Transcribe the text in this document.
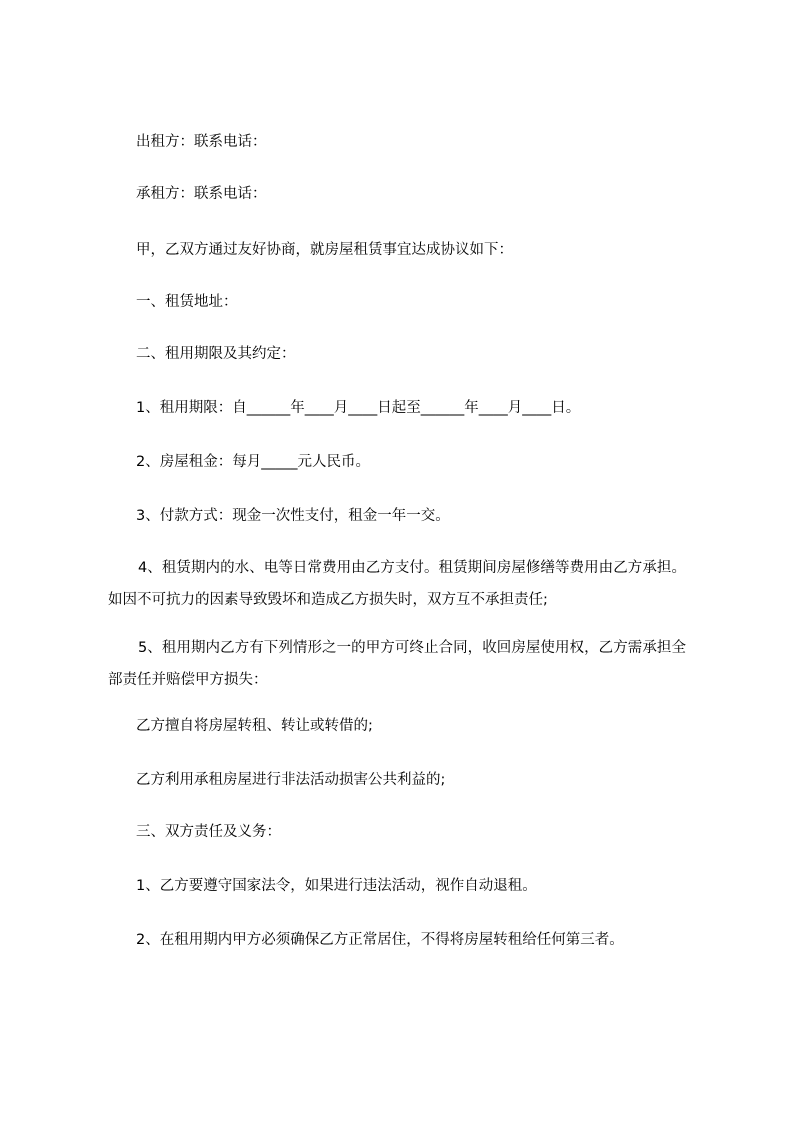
出租方：联系电话：

承租方：联系电话：

甲，乙双方通过友好协商，就房屋租赁事宜达成协议如下：

一、租赁地址：

二、租用期限及其约定：

1、租用期限：自______年____月____日起至______年____月____日。

2、房屋租金：每月_____元人民币。

3、付款方式：现金一次性支付，租金一年一交。

4、租赁期内的水、电等日常费用由乙方支付。租赁期间房屋修缮等费用由乙方承担。如因不可抗力的因素导致毁坏和造成乙方损失时，双方互不承担责任;

5、租用期内乙方有下列情形之一的甲方可终止合同，收回房屋使用权，乙方需承担全部责任并赔偿甲方损失：

乙方擅自将房屋转租、转让或转借的;

乙方利用承租房屋进行非法活动损害公共利益的;

三、双方责任及义务：

1、乙方要遵守国家法令，如果进行违法活动，视作自动退租。

2、在租用期内甲方必须确保乙方正常居住，不得将房屋转租给任何第三者。
